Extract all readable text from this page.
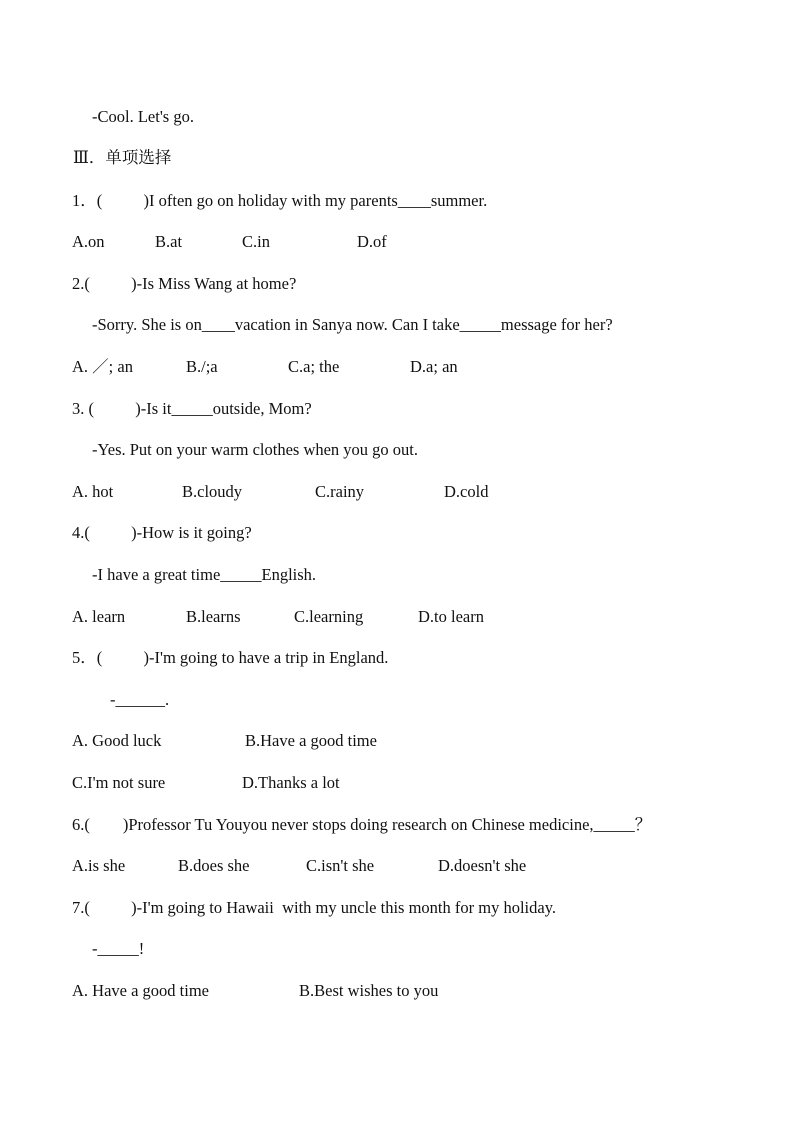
-Cool. Let's go.
Ⅲ．单项选择
1．(          )I often go on holiday with my parents____summer.
A.on	B.at	C.in	D.of
2.(          )-Is Miss Wang at home?
-Sorry. She is on____vacation in Sanya now. Can I take_____message for her?
A. ／; an	B./;a	C.a; the	D.a; an
3. (          )-Is it_____outside, Mom?
-Yes. Put on your warm clothes when you go out.
A. hot	B.cloudy	C.rainy	D.cold
4.(          )-How is it going?
-I have a great time_____English.
A. learn	B.learns	C.learning	D.to learn
5．(          )-I'm going to have a trip in England.
-______.
A. Good luck	B.Have a good time
C.I'm not sure	D.Thanks a lot
6.(        )Professor Tu Youyou never stops doing research on Chinese medicine,_____？
A.is she	B.does she	C.isn't she	D.doesn't she
7.(          )-I'm going to Hawaii  with my uncle this month for my holiday.
-_____!
A. Have a good time	B.Best wishes to you
